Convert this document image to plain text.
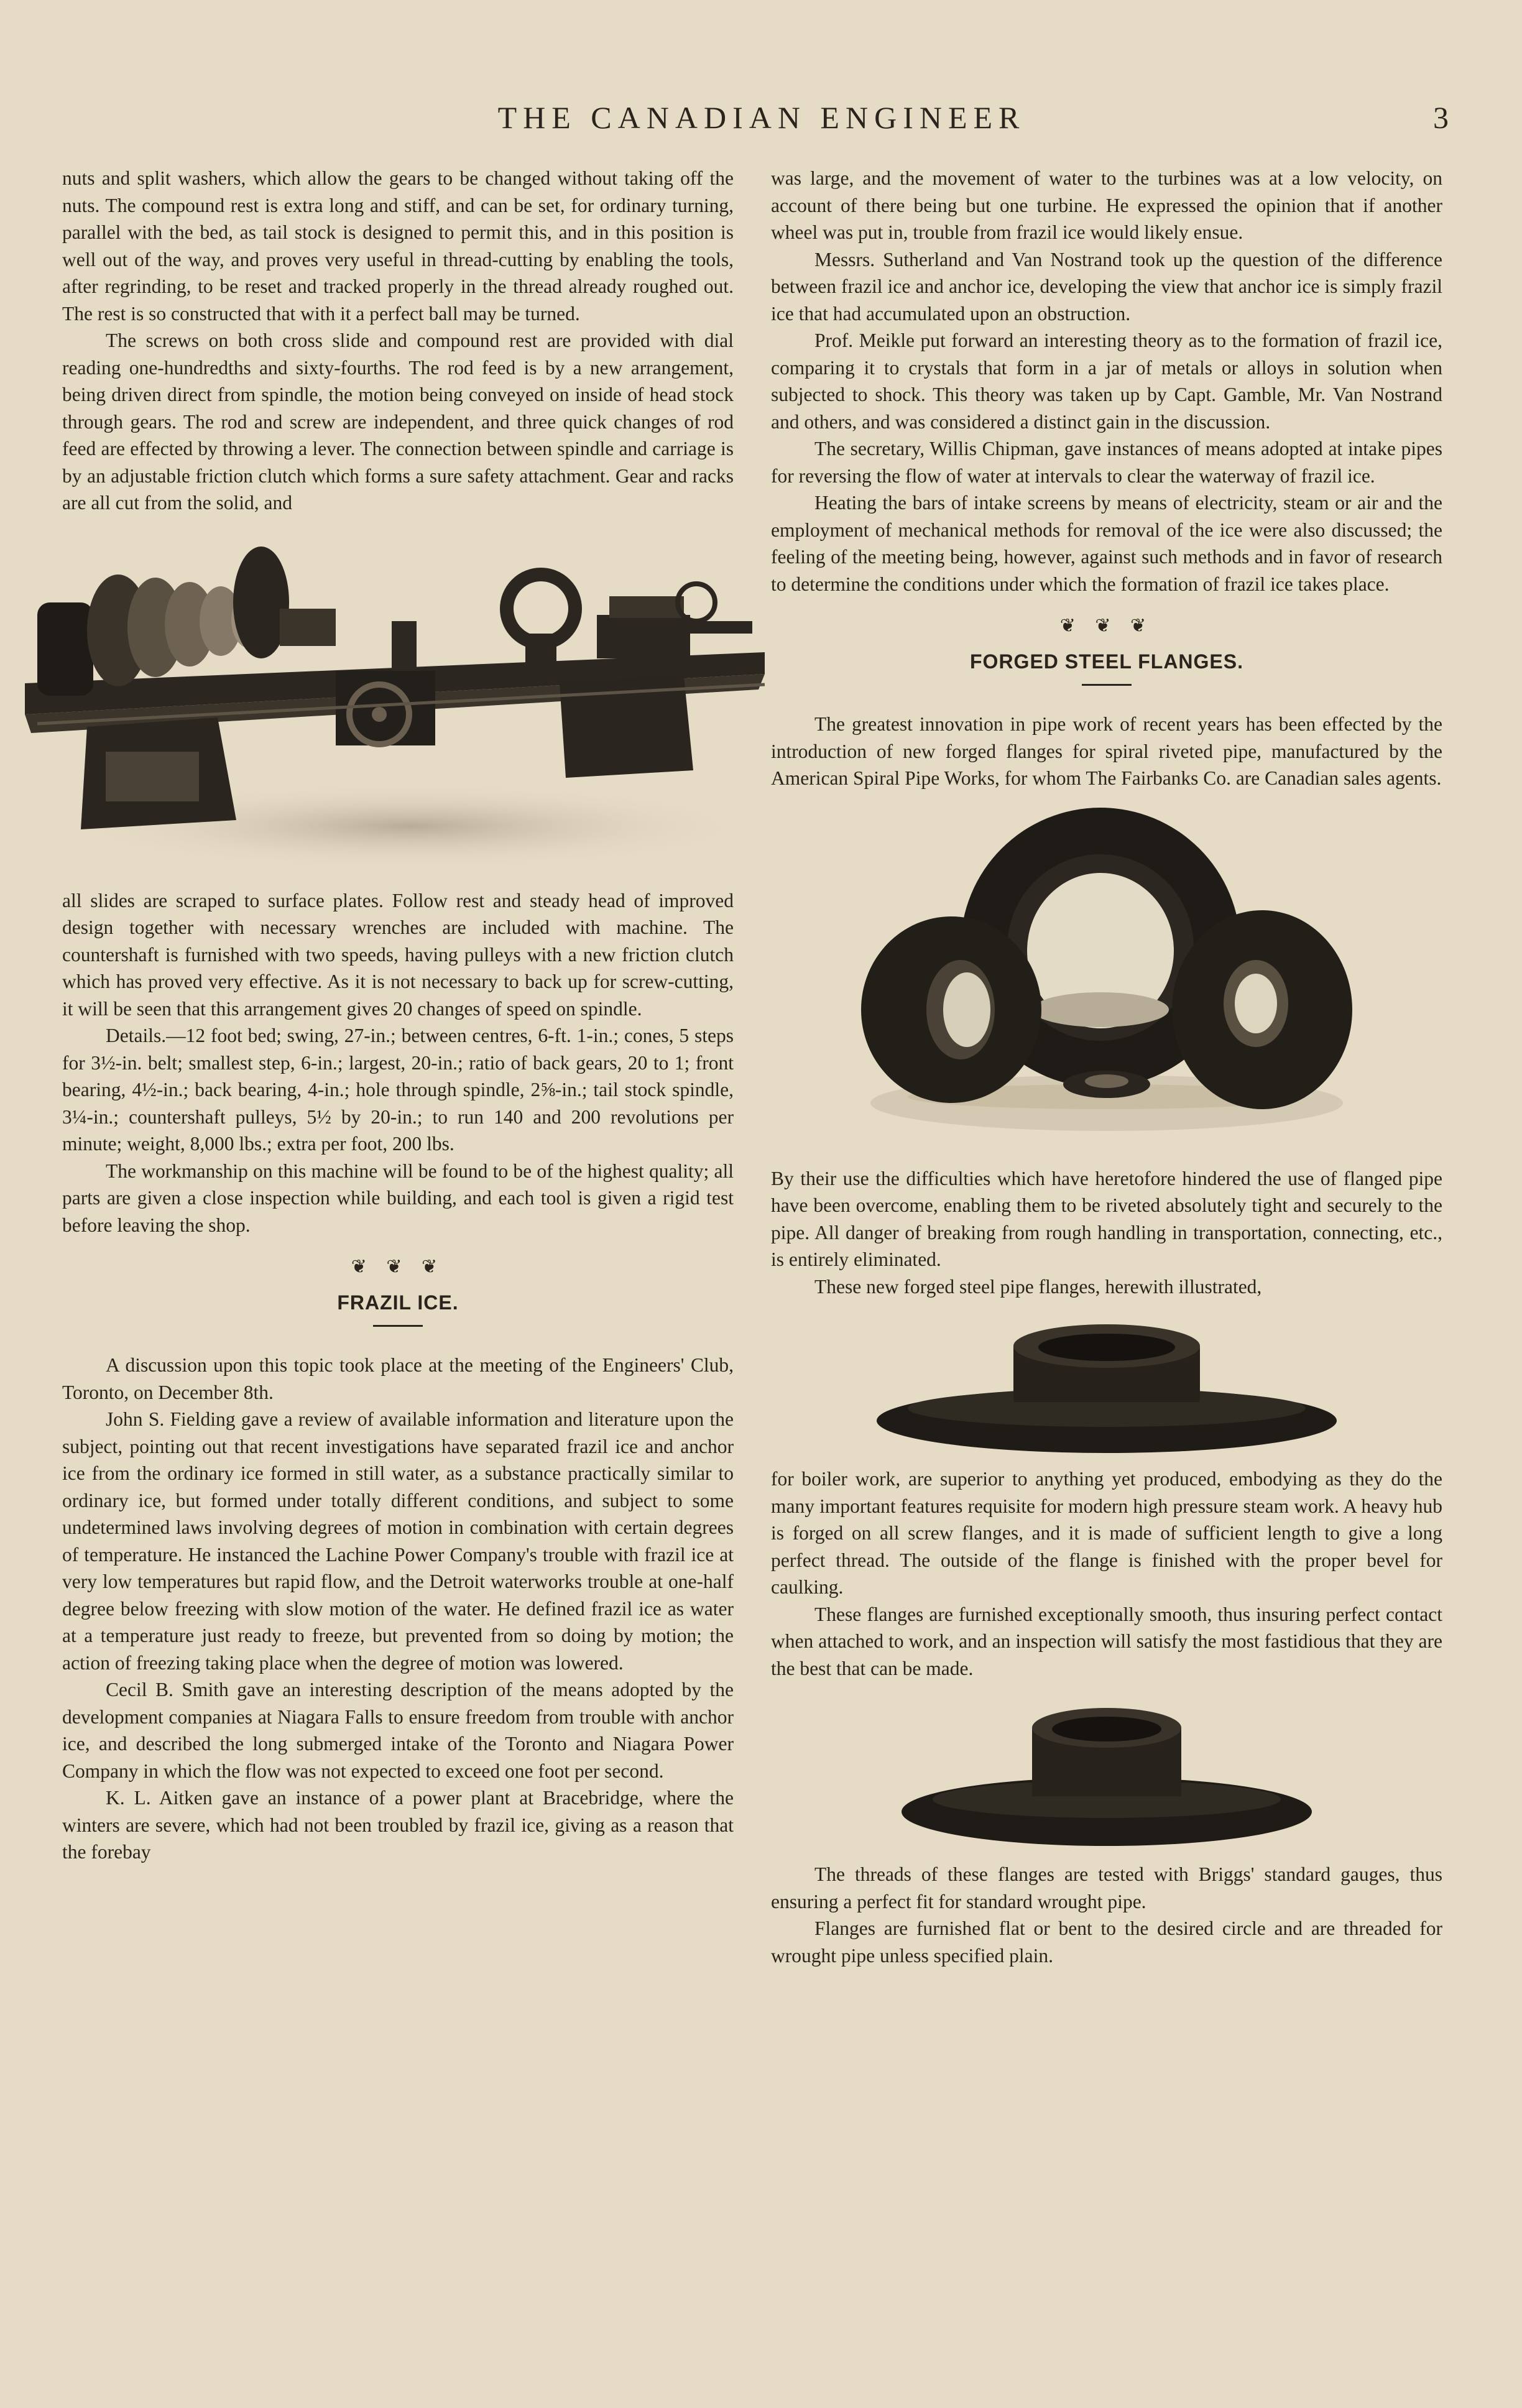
THE CANADIAN ENGINEER	3

nuts and split washers, which allow the gears to be changed without taking off the nuts. The compound rest is extra long and stiff, and can be set, for ordinary turning, parallel with the bed, as tail stock is designed to permit this, and in this position is well out of the way, and proves very useful in thread-cutting by enabling the tools, after regrinding, to be reset and tracked properly in the thread already roughed out. The rest is so constructed that with it a perfect ball may be turned.

The screws on both cross slide and compound rest are provided with dial reading one-hundredths and sixty-fourths. The rod feed is by a new arrangement, being driven direct from spindle, the motion being conveyed on inside of head stock through gears. The rod and screw are independent, and three quick changes of rod feed are effected by throwing a lever. The connection between spindle and carriage is by an adjustable friction clutch which forms a sure safety attachment. Gear and racks are all cut from the solid, and

all slides are scraped to surface plates. Follow rest and steady head of improved design together with necessary wrenches are included with machine. The countershaft is furnished with two speeds, having pulleys with a new friction clutch which has proved very effective. As it is not necessary to back up for screw-cutting, it will be seen that this arrangement gives 20 changes of speed on spindle.

Details.—12 foot bed; swing, 27-in.; between centres, 6-ft. 1-in.; cones, 5 steps for 3½-in. belt; smallest step, 6-in.; largest, 20-in.; ratio of back gears, 20 to 1; front bearing, 4½-in.; back bearing, 4-in.; hole through spindle, 2⅝-in.; tail stock spindle, 3¼-in.; countershaft pulleys, 5½ by 20-in.; to run 140 and 200 revolutions per minute; weight, 8,000 lbs.; extra per foot, 200 lbs.

The workmanship on this machine will be found to be of the highest quality; all parts are given a close inspection while building, and each tool is given a rigid test before leaving the shop.

❦ ❦ ❦
FRAZIL ICE.

A discussion upon this topic took place at the meeting of the Engineers' Club, Toronto, on December 8th.

John S. Fielding gave a review of available information and literature upon the subject, pointing out that recent investigations have separated frazil ice and anchor ice from the ordinary ice formed in still water, as a substance practically similar to ordinary ice, but formed under totally different conditions, and subject to some undetermined laws involving degrees of motion in combination with certain degrees of temperature. He instanced the Lachine Power Company's trouble with frazil ice at very low temperatures but rapid flow, and the Detroit waterworks trouble at one-half degree below freezing with slow motion of the water. He defined frazil ice as water at a temperature just ready to freeze, but prevented from so doing by motion; the action of freezing taking place when the degree of motion was lowered.

Cecil B. Smith gave an interesting description of the means adopted by the development companies at Niagara Falls to ensure freedom from trouble with anchor ice, and described the long submerged intake of the Toronto and Niagara Power Company in which the flow was not expected to exceed one foot per second.

K. L. Aitken gave an instance of a power plant at Bracebridge, where the winters are severe, which had not been troubled by frazil ice, giving as a reason that the forebay

was large, and the movement of water to the turbines was at a low velocity, on account of there being but one turbine. He expressed the opinion that if another wheel was put in, trouble from frazil ice would likely ensue.

Messrs. Sutherland and Van Nostrand took up the question of the difference between frazil ice and anchor ice, developing the view that anchor ice is simply frazil ice that had accumulated upon an obstruction.

Prof. Meikle put forward an interesting theory as to the formation of frazil ice, comparing it to crystals that form in a jar of metals or alloys in solution when subjected to shock. This theory was taken up by Capt. Gamble, Mr. Van Nostrand and others, and was considered a distinct gain in the discussion.

The secretary, Willis Chipman, gave instances of means adopted at intake pipes for reversing the flow of water at intervals to clear the waterway of frazil ice.

Heating the bars of intake screens by means of electricity, steam or air and the employment of mechanical methods for removal of the ice were also discussed; the feeling of the meeting being, however, against such methods and in favor of research to determine the conditions under which the formation of frazil ice takes place.

❦ ❦ ❦
FORGED STEEL FLANGES.

The greatest innovation in pipe work of recent years has been effected by the introduction of new forged flanges for spiral riveted pipe, manufactured by the American Spiral Pipe Works, for whom The Fairbanks Co. are Canadian sales agents.

By their use the difficulties which have heretofore hindered the use of flanged pipe have been overcome, enabling them to be riveted absolutely tight and securely to the pipe. All danger of breaking from rough handling in transportation, connecting, etc., is entirely eliminated.

These new forged steel pipe flanges, herewith illustrated,

for boiler work, are superior to anything yet produced, embodying as they do the many important features requisite for modern high pressure steam work. A heavy hub is forged on all screw flanges, and it is made of sufficient length to give a long perfect thread. The outside of the flange is finished with the proper bevel for caulking.

These flanges are furnished exceptionally smooth, thus insuring perfect contact when attached to work, and an inspection will satisfy the most fastidious that they are the best that can be made.

The threads of these flanges are tested with Briggs' standard gauges, thus ensuring a perfect fit for standard wrought pipe.

Flanges are furnished flat or bent to the desired circle and are threaded for wrought pipe unless specified plain.
